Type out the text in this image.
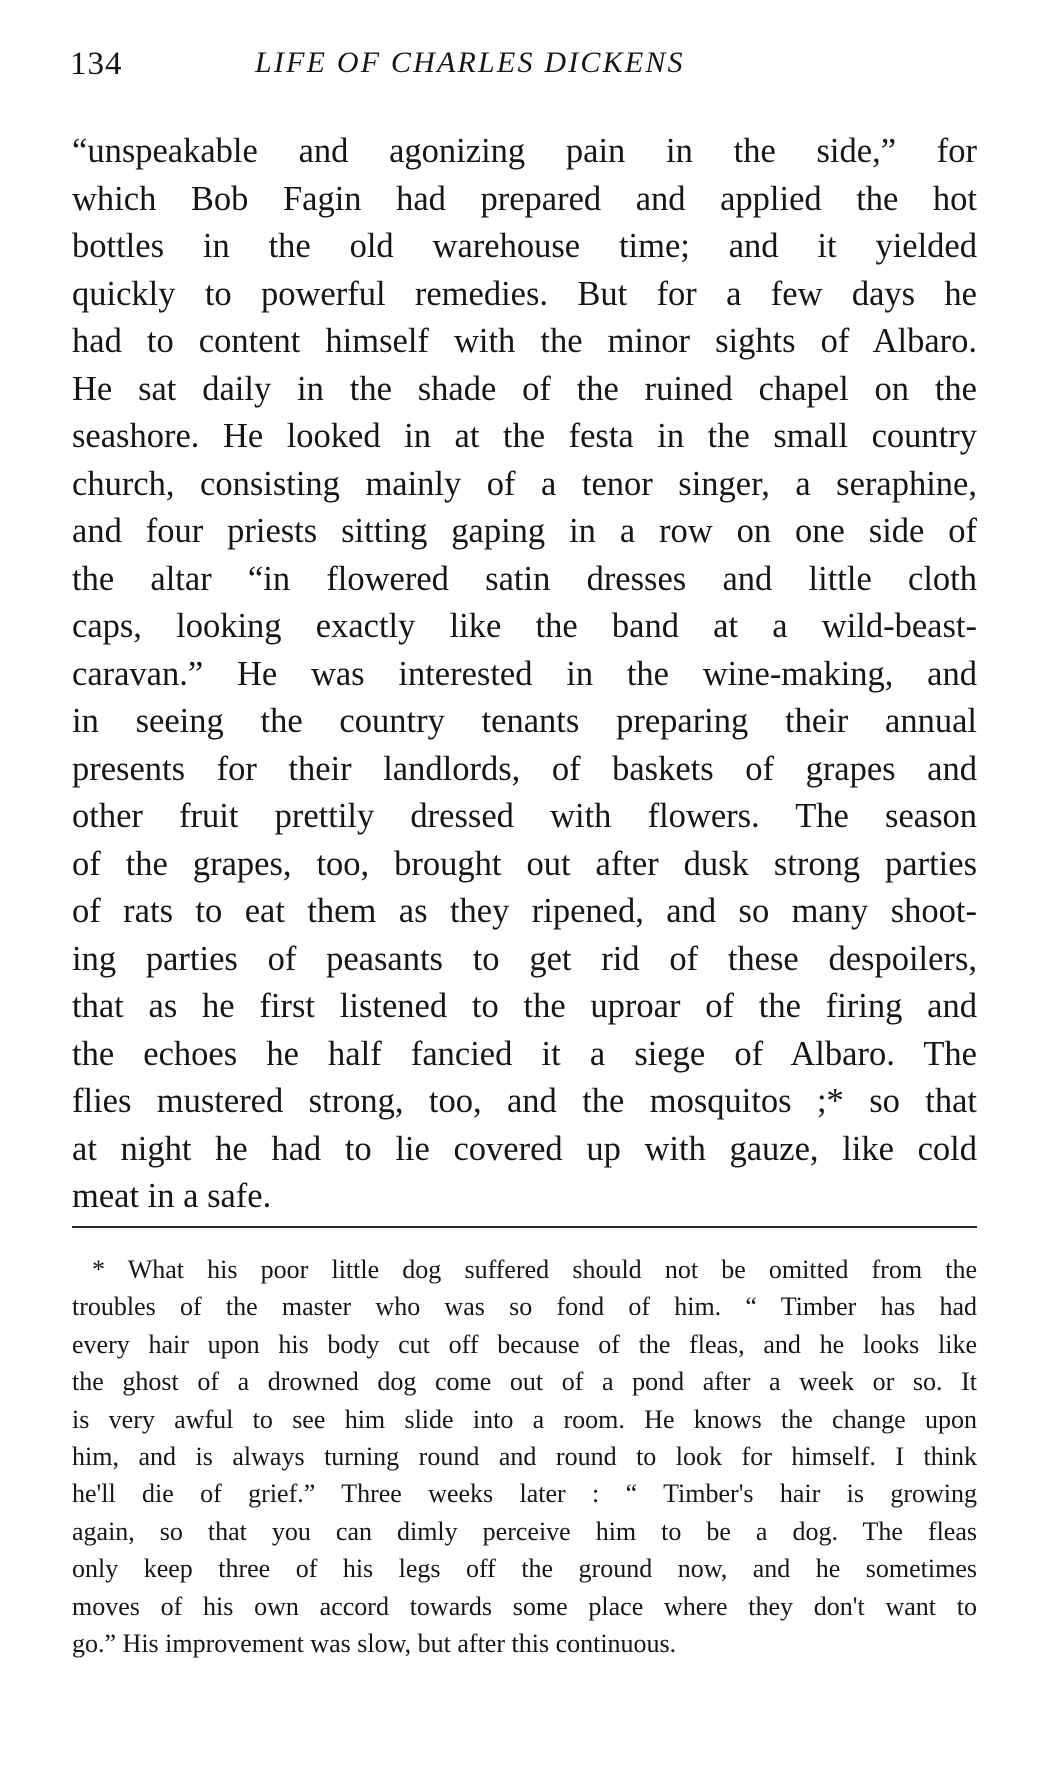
134	LIFE OF CHARLES DICKENS
“unspeakable and agonizing pain in the side,” for
which Bob Fagin had prepared and applied the hot
bottles in the old warehouse time; and it yielded
quickly to powerful remedies. But for a few days he
had to content himself with the minor sights of Albaro.
He sat daily in the shade of the ruined chapel on the
seashore. He looked in at the festa in the small country
church, consisting mainly of a tenor singer, a seraphine,
and four priests sitting gaping in a row on one side of
the altar “in flowered satin dresses and little cloth
caps, looking exactly like the band at a wild-beast-
caravan.” He was interested in the wine-making, and
in seeing the country tenants preparing their annual
presents for their landlords, of baskets of grapes and
other fruit prettily dressed with flowers. The season
of the grapes, too, brought out after dusk strong parties
of rats to eat them as they ripened, and so many shoot-
ing parties of peasants to get rid of these despoilers,
that as he first listened to the uproar of the firing and
the echoes he half fancied it a siege of Albaro. The
flies mustered strong, too, and the mosquitos ;* so that
at night he had to lie covered up with gauze, like cold
meat in a safe.
* What his poor little dog suffered should not be omitted from the
troubles of the master who was so fond of him. “ Timber has had
every hair upon his body cut off because of the fleas, and he looks like
the ghost of a drowned dog come out of a pond after a week or so. It
is very awful to see him slide into a room. He knows the change upon
him, and is always turning round and round to look for himself. I think
he'll die of grief.” Three weeks later : “ Timber's hair is growing
again, so that you can dimly perceive him to be a dog. The fleas
only keep three of his legs off the ground now, and he sometimes
moves of his own accord towards some place where they don't want to
go.” His improvement was slow, but after this continuous.
